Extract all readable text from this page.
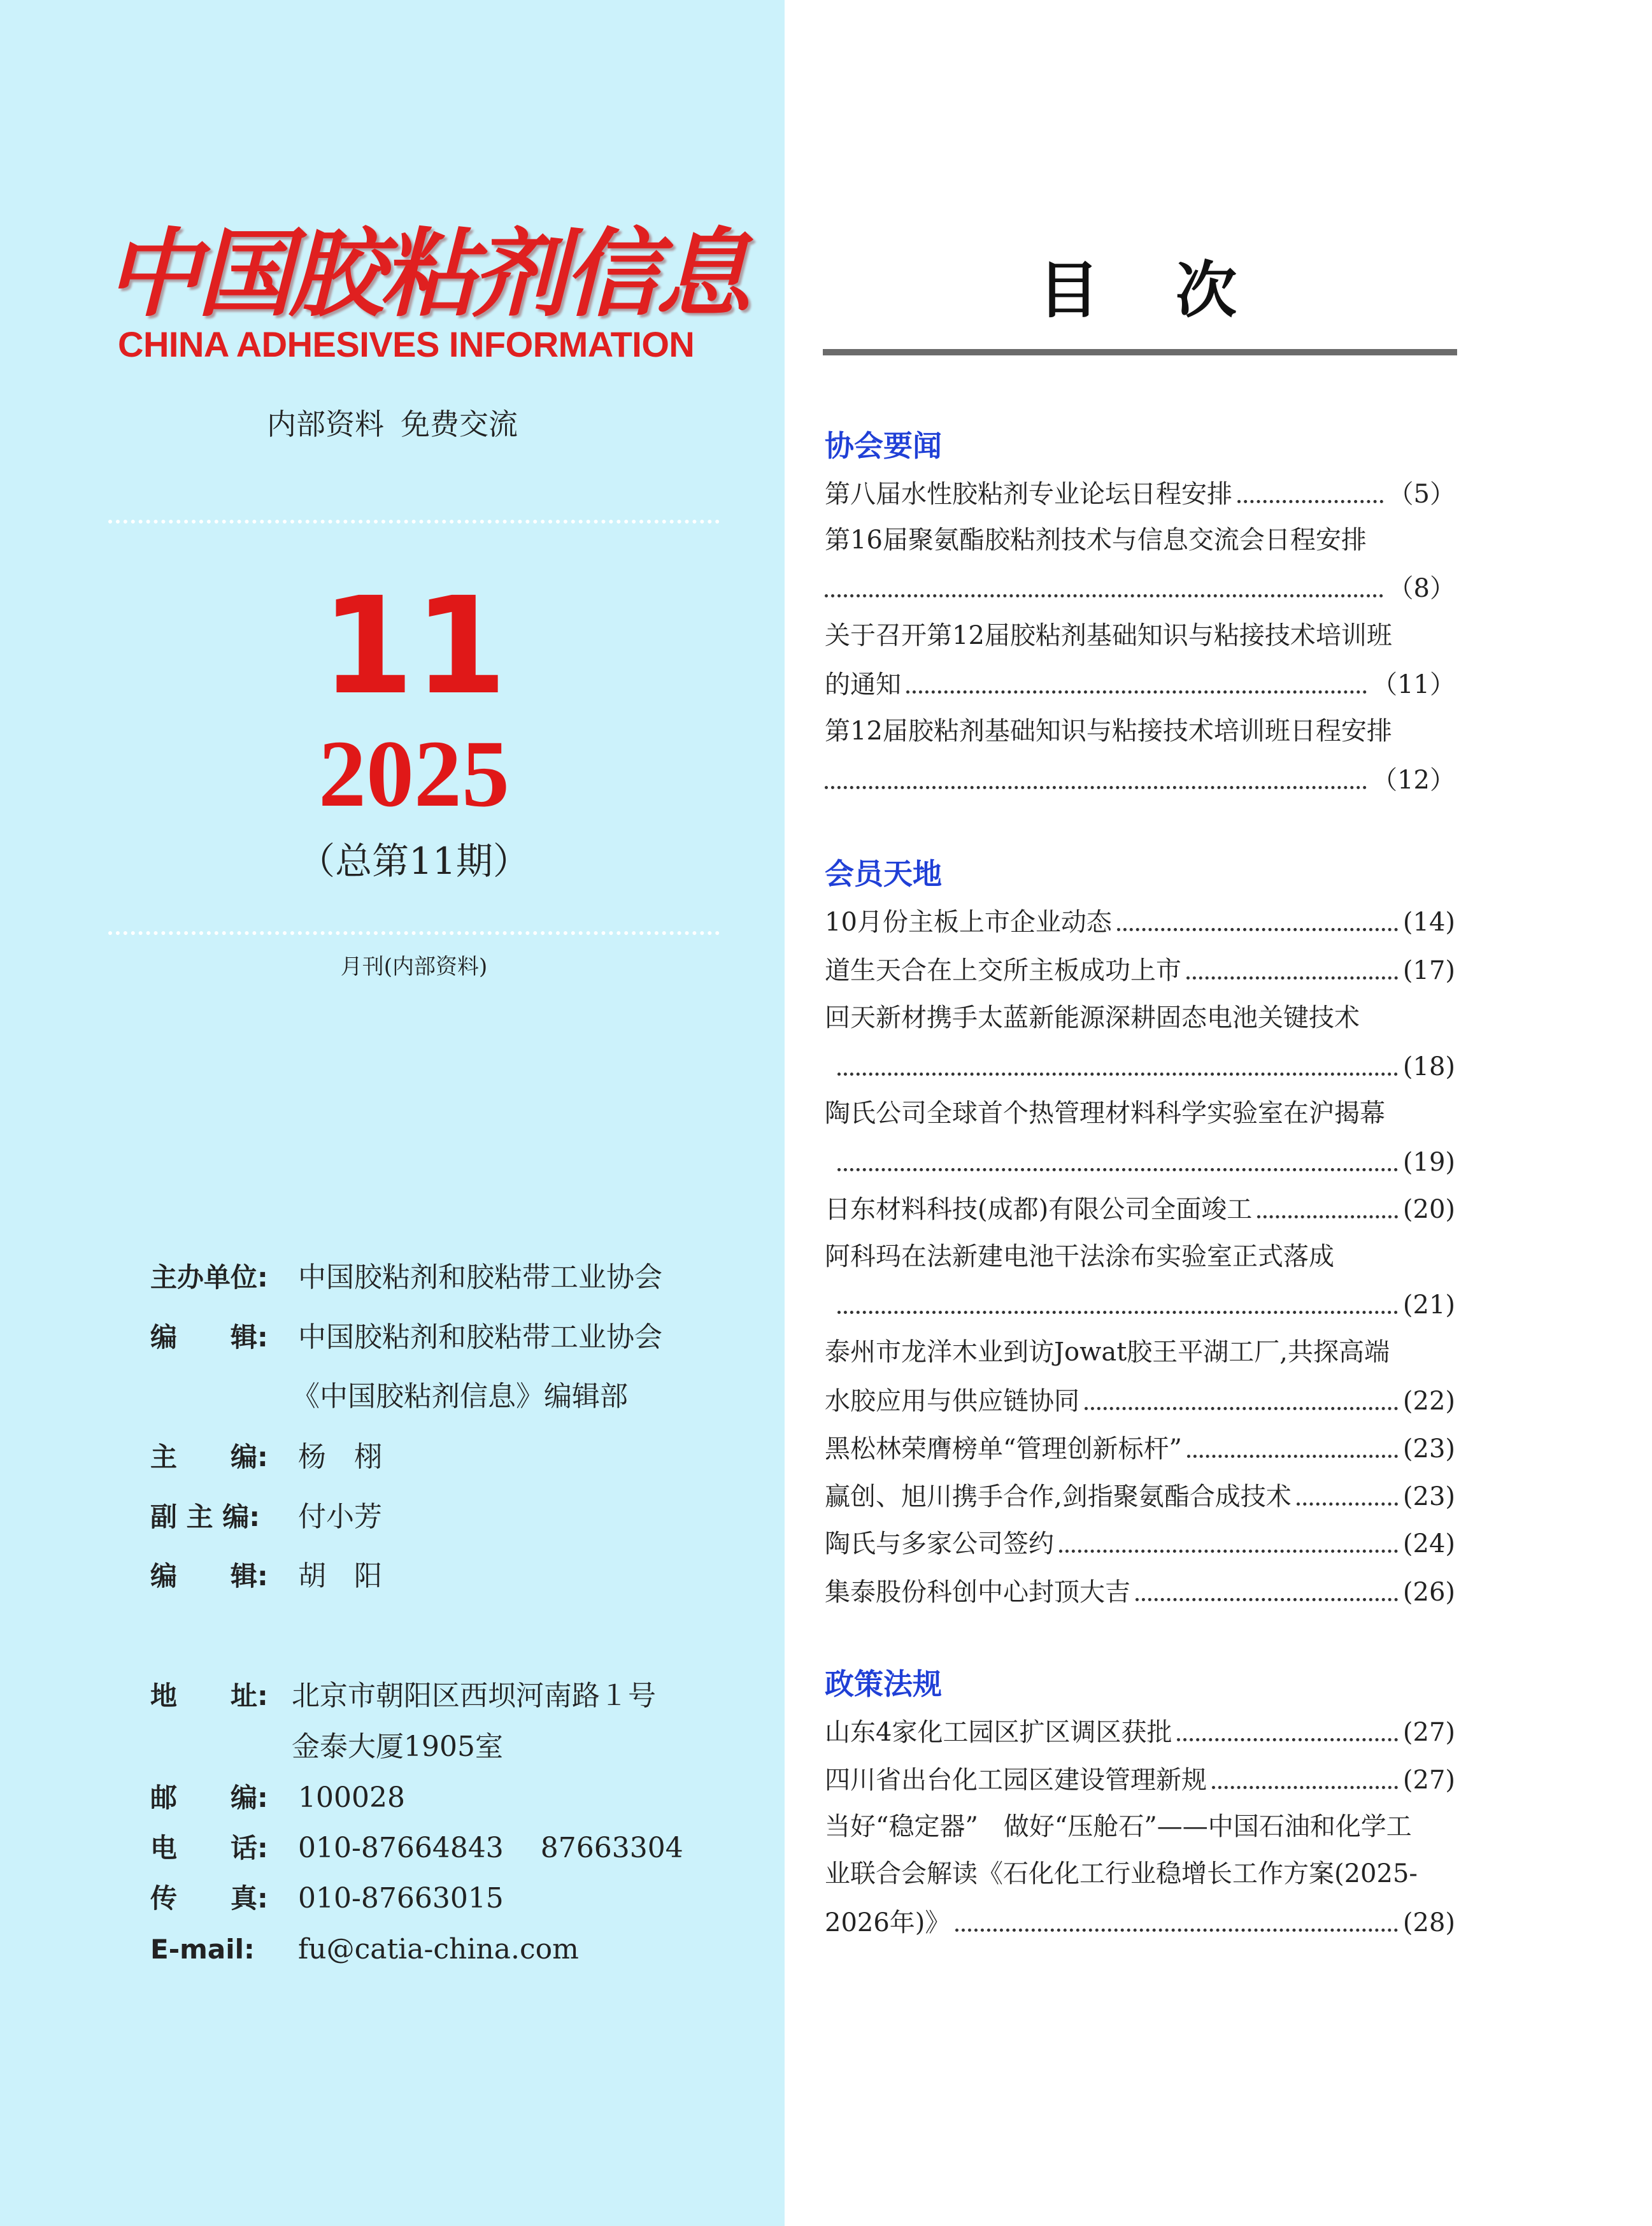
中国胶粘剂信息
CHINA ADHESIVES INFORMATION
内部资料 免费交流
11
2025
（总第11期）
月刊(内部资料)
主办单位:	中国胶粘剂和胶粘带工业协会
编　　辑:	中国胶粘剂和胶粘带工业协会
《中国胶粘剂信息》编辑部
主　　编:	杨　栩
副 主 编:	付小芳
编　　辑:	胡　阳
地　　址: 北京市朝阳区西坝河南路１号
金泰大厦1905室
邮　　编:	100028
电　　话:	010-87664843　 87663304
传　　真:	010-87663015
E-mail:	fu@catia-china.com
目次
协会要闻
第八届水性胶粘剂专业论坛日程安排	（5）
第16届聚氨酯胶粘剂技术与信息交流会日程安排
（8）
关于召开第12届胶粘剂基础知识与粘接技术培训班
的通知	（11）
第12届胶粘剂基础知识与粘接技术培训班日程安排
（12）
会员天地
10月份主板上市企业动态	(14)
道生天合在上交所主板成功上市	(17)
回天新材携手太蓝新能源深耕固态电池关键技术
(18)
陶氏公司全球首个热管理材料科学实验室在沪揭幕
(19)
日东材料科技(成都)有限公司全面竣工	(20)
阿科玛在法新建电池干法涂布实验室正式落成
(21)
泰州市龙洋木业到访Jowat胶王平湖工厂,共探高端
水胶应用与供应链协同	(22)
黑松林荣膺榜单“管理创新标杆”	(23)
赢创、旭川携手合作,剑指聚氨酯合成技术	(23)
陶氏与多家公司签约	(24)
集泰股份科创中心封顶大吉	(26)
政策法规
山东4家化工园区扩区调区获批	(27)
四川省出台化工园区建设管理新规	(27)
当好“稳定器”　做好“压舱石”——中国石油和化学工
业联合会解读《石化化工行业稳增长工作方案(2025-
2026年)》	(28)
